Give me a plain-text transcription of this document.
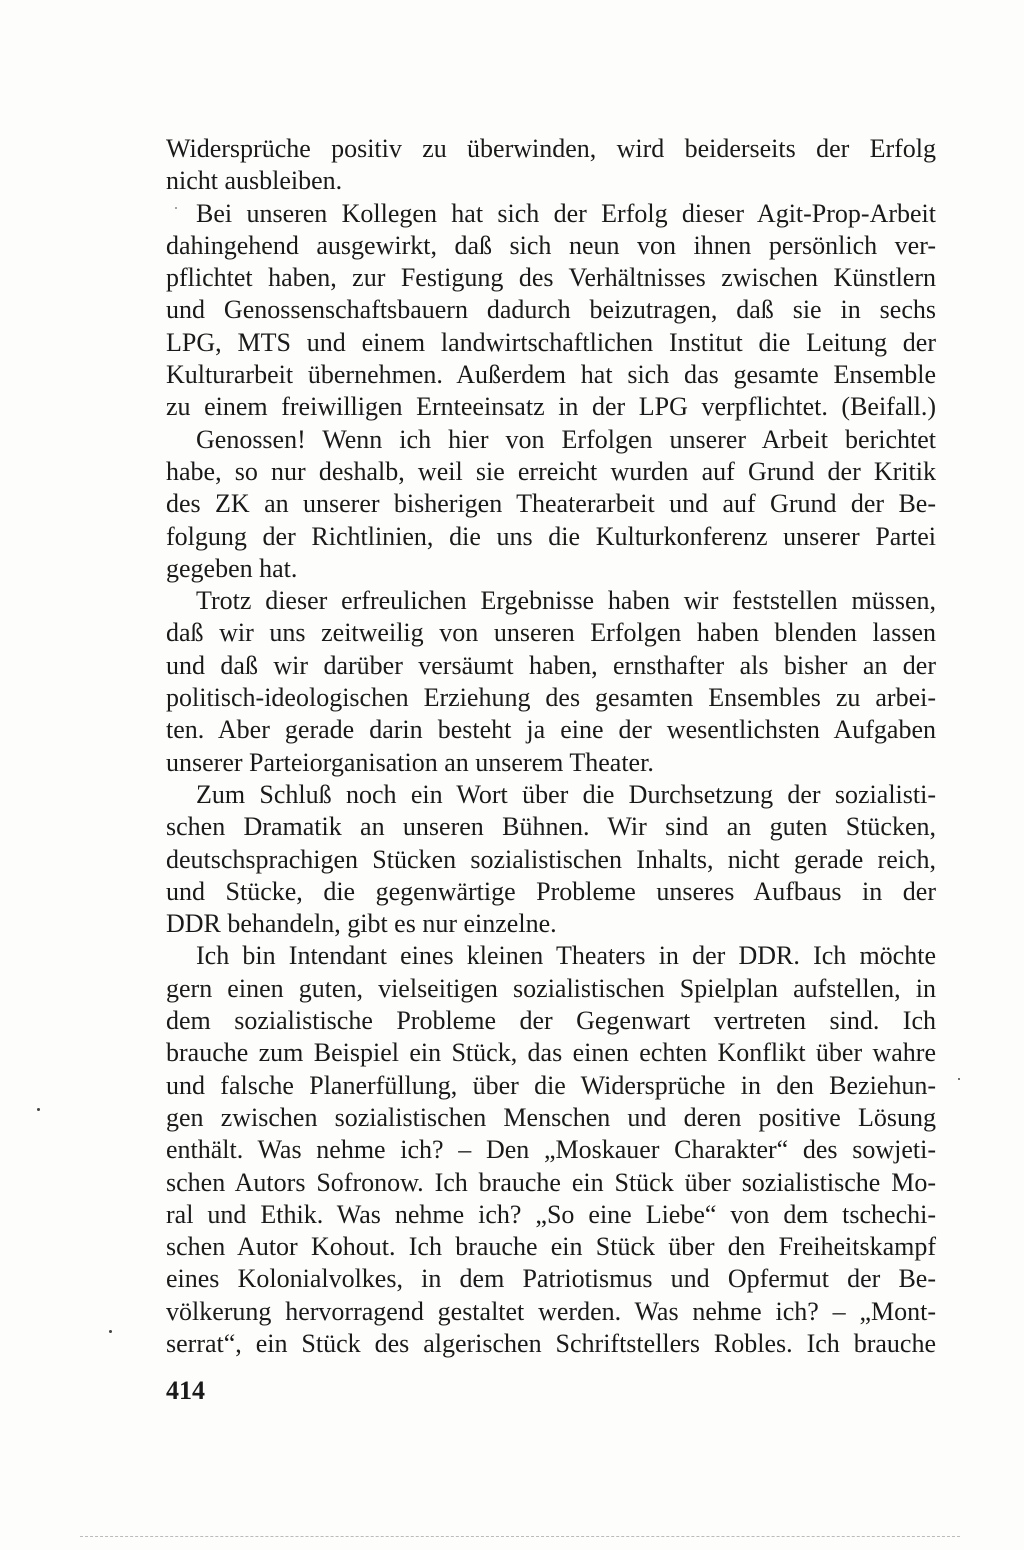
Widersprüche positiv zu überwinden, wird beiderseits der Erfolg
nicht ausbleiben.
Bei unseren Kollegen hat sich der Erfolg dieser Agit-Prop-Arbeit
dahingehend ausgewirkt, daß sich neun von ihnen persönlich ver-
pflichtet haben, zur Festigung des Verhältnisses zwischen Künstlern
und Genossenschaftsbauern dadurch beizutragen, daß sie in sechs
LPG, MTS und einem landwirtschaftlichen Institut die Leitung der
Kulturarbeit übernehmen. Außerdem hat sich das gesamte Ensemble
zu einem freiwilligen Ernteeinsatz in der LPG verpflichtet. (Beifall.)
Genossen! Wenn ich hier von Erfolgen unserer Arbeit berichtet
habe, so nur deshalb, weil sie erreicht wurden auf Grund der Kritik
des ZK an unserer bisherigen Theaterarbeit und auf Grund der Be-
folgung der Richtlinien, die uns die Kulturkonferenz unserer Partei
gegeben hat.
Trotz dieser erfreulichen Ergebnisse haben wir feststellen müssen,
daß wir uns zeitweilig von unseren Erfolgen haben blenden lassen
und daß wir darüber versäumt haben, ernsthafter als bisher an der
politisch-ideologischen Erziehung des gesamten Ensembles zu arbei-
ten. Aber gerade darin besteht ja eine der wesentlichsten Aufgaben
unserer Parteiorganisation an unserem Theater.
Zum Schluß noch ein Wort über die Durchsetzung der sozialisti-
schen Dramatik an unseren Bühnen. Wir sind an guten Stücken,
deutschsprachigen Stücken sozialistischen Inhalts, nicht gerade reich,
und Stücke, die gegenwärtige Probleme unseres Aufbaus in der
DDR behandeln, gibt es nur einzelne.
Ich bin Intendant eines kleinen Theaters in der DDR. Ich möchte
gern einen guten, vielseitigen sozialistischen Spielplan aufstellen, in
dem sozialistische Probleme der Gegenwart vertreten sind. Ich
brauche zum Beispiel ein Stück, das einen echten Konflikt über wahre
und falsche Planerfüllung, über die Widersprüche in den Beziehun-
gen zwischen sozialistischen Menschen und deren positive Lösung
enthält. Was nehme ich? – Den „Moskauer Charakter“ des sowjeti-
schen Autors Sofronow. Ich brauche ein Stück über sozialistische Mo-
ral und Ethik. Was nehme ich? „So eine Liebe“ von dem tschechi-
schen Autor Kohout. Ich brauche ein Stück über den Freiheitskampf
eines Kolonialvolkes, in dem Patriotismus und Opfermut der Be-
völkerung hervorragend gestaltet werden. Was nehme ich? – „Mont-
serrat“, ein Stück des algerischen Schriftstellers Robles. Ich brauche
414
